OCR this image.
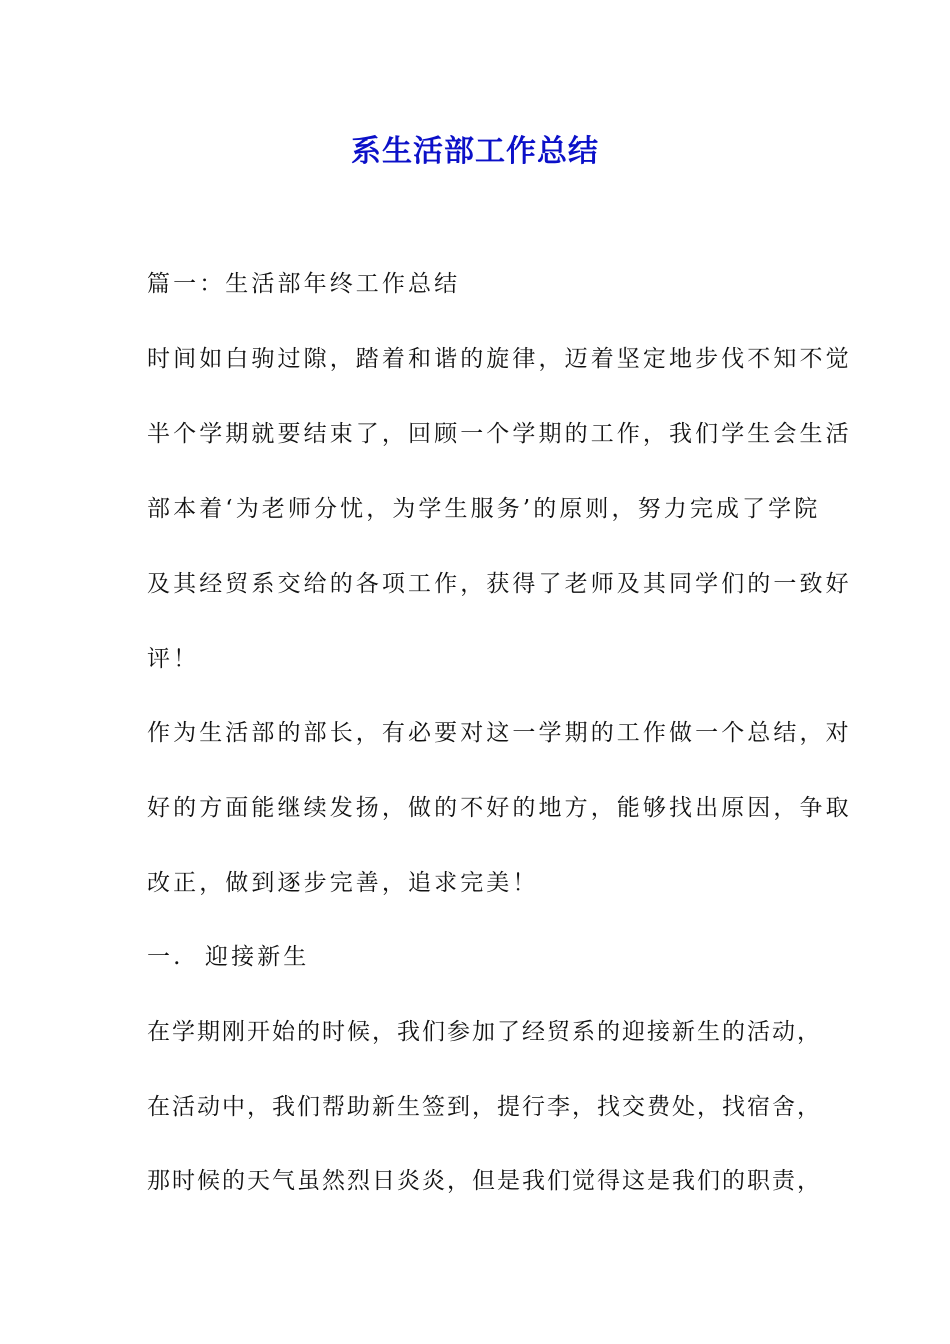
系生活部工作总结

篇一：生活部年终工作总结

时间如白驹过隙，踏着和谐的旋律，迈着坚定地步伐不知不觉

半个学期就要结束了，回顾一个学期的工作，我们学生会生活

部本着‘为老师分忧，为学生服务’的原则，努力完成了学院

及其经贸系交给的各项工作，获得了老师及其同学们的一致好

评！

作为生活部的部长，有必要对这一学期的工作做一个总结，对

好的方面能继续发扬，做的不好的地方，能够找出原因，争取

改正，做到逐步完善，追求完美！

一. 迎接新生

在学期刚开始的时候，我们参加了经贸系的迎接新生的活动，

在活动中，我们帮助新生签到，提行李，找交费处，找宿舍，

那时候的天气虽然烈日炎炎，但是我们觉得这是我们的职责，
